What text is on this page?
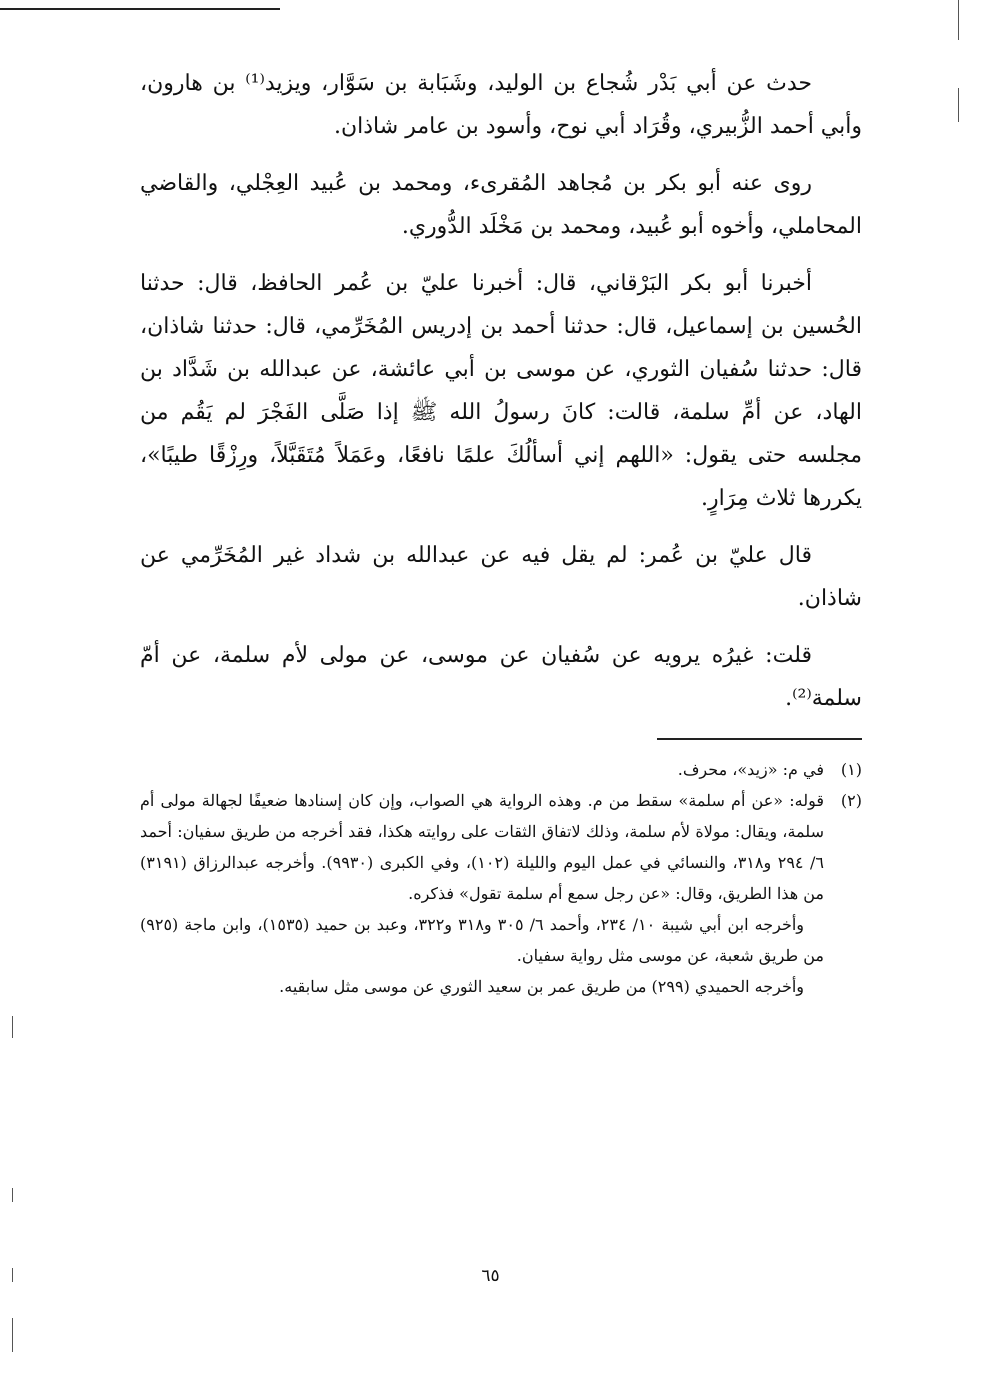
حدث عن أبي بَدْر شُجاع بن الوليد، وشَبَابة بن سَوَّار، ويزيد⁽¹⁾ بن هارون، وأبي أحمد الزُّبيري، وقُرَاد أبي نوح، وأسود بن عامر شاذان.

روى عنه أبو بكر بن مُجاهد المُقرىء، ومحمد بن عُبيد العِجْلي، والقاضي المحاملي، وأخوه أبو عُبيد، ومحمد بن مَخْلَد الدُّوري.

أخبرنا أبو بكر البَرْقاني، قال: أخبرنا عليّ بن عُمر الحافظ، قال: حدثنا الحُسين بن إسماعيل، قال: حدثنا أحمد بن إدريس المُخَرِّمي، قال: حدثنا شاذان، قال: حدثنا سُفيان الثوري، عن موسى بن أبي عائشة، عن عبدالله بن شَدَّاد بن الهاد، عن أمِّ سلمة، قالت: كانَ رسولُ الله ﷺ إذا صَلَّى الفَجْرَ لم يَقُم من مجلسه حتى يقول: «اللهم إني أسألُكَ علمًا نافعًا، وعَمَلاً مُتَقَبَّلاً، ورِزْقًا طيبًا»، يكررها ثلاث مِرَارٍ.

قال عليّ بن عُمر: لم يقل فيه عن عبدالله بن شداد غير المُخَرِّمي عن شاذان.

قلت: غيرُه يرويه عن سُفيان عن موسى، عن مولى لأم سلمة، عن أمّ سلمة⁽²⁾.

(١)

في م: «زيد»، محرف.

(٢)

قوله: «عن أم سلمة» سقط من م. وهذه الرواية هي الصواب، وإن كان إسنادها ضعيفًا لجهالة مولى أم سلمة، ويقال: مولاة لأم سلمة، وذلك لاتفاق الثقات على روايته هكذا، فقد أخرجه من طريق سفيان: أحمد ٦/ ٢٩٤ و٣١٨، والنسائي في عمل اليوم والليلة (١٠٢)، وفي الكبرى (٩٩٣٠). وأخرجه عبدالرزاق (٣١٩١) من هذا الطريق، وقال: «عن رجل سمع أم سلمة تقول» فذكره.

وأخرجه ابن أبي شيبة ١٠/ ٢٣٤، وأحمد ٦/ ٣٠٥ و٣١٨ و٣٢٢، وعبد بن حميد (١٥٣٥)، وابن ماجة (٩٢٥) من طريق شعبة، عن موسى مثل رواية سفيان.

وأخرجه الحميدي (٢٩٩) من طريق عمر بن سعيد الثوري عن موسى مثل سابقيه.

٦٥
